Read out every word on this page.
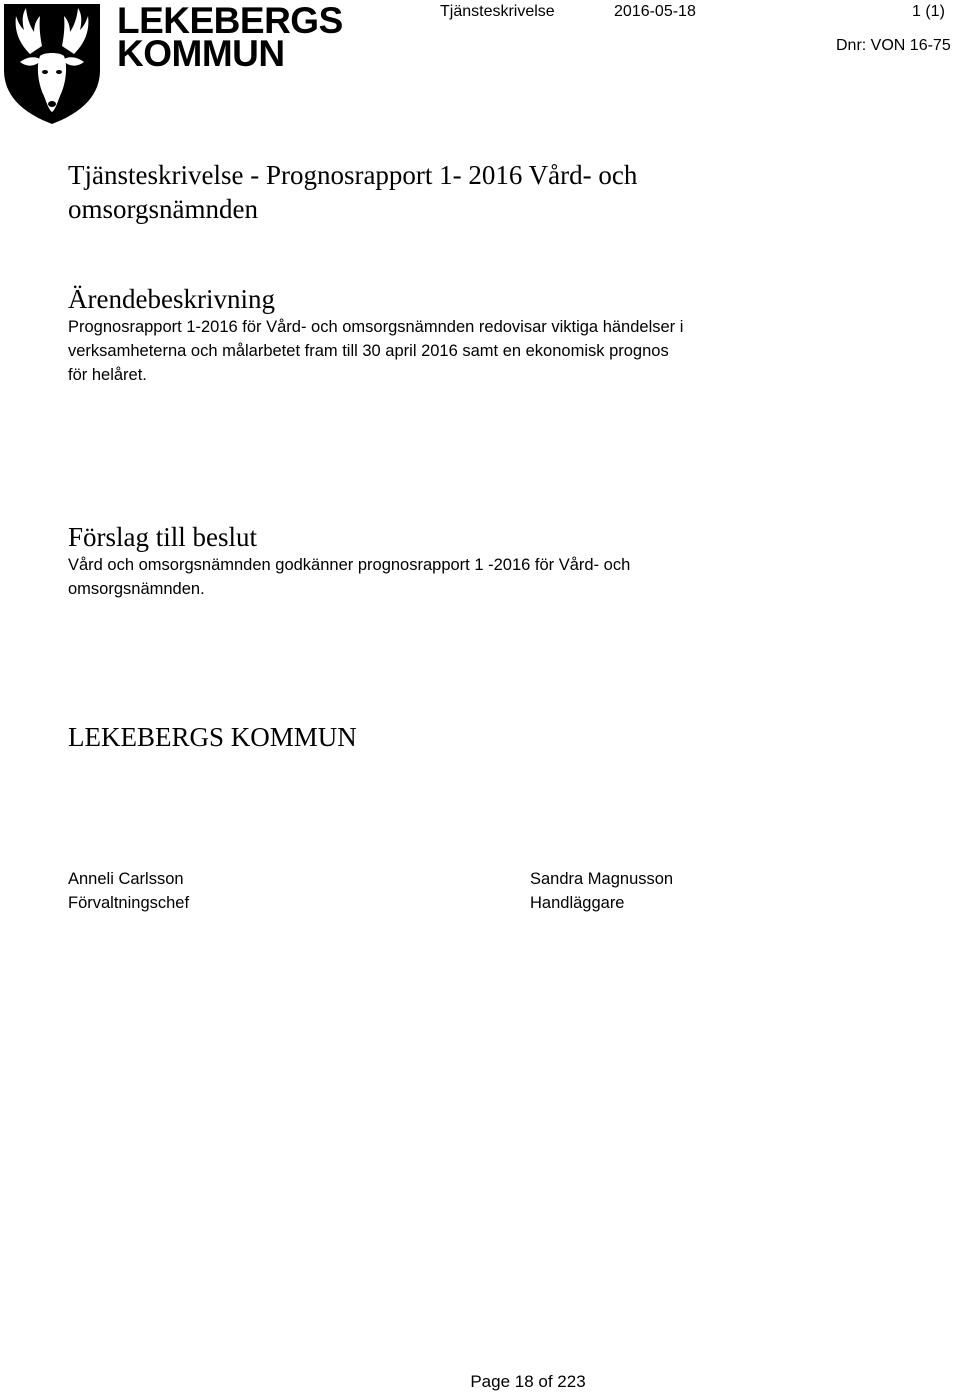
LEKEBERGS
KOMMUN
Tjänsteskrivelse	2016-05-18	1 (1)
Dnr: VON 16-75
Tjänsteskrivelse - Prognosrapport 1- 2016 Vård- och
omsorgsnämnden
Ärendebeskrivning
Prognosrapport 1-2016 för Vård- och omsorgsnämnden redovisar viktiga händelser i
verksamheterna och målarbetet fram till 30 april 2016 samt en ekonomisk prognos
för helåret.
Förslag till beslut
Vård och omsorgsnämnden godkänner prognosrapport 1 -2016 för Vård- och
omsorgsnämnden.
LEKEBERGS KOMMUN
Anneli Carlsson
Förvaltningschef
Sandra Magnusson
Handläggare
Page 18 of 223
